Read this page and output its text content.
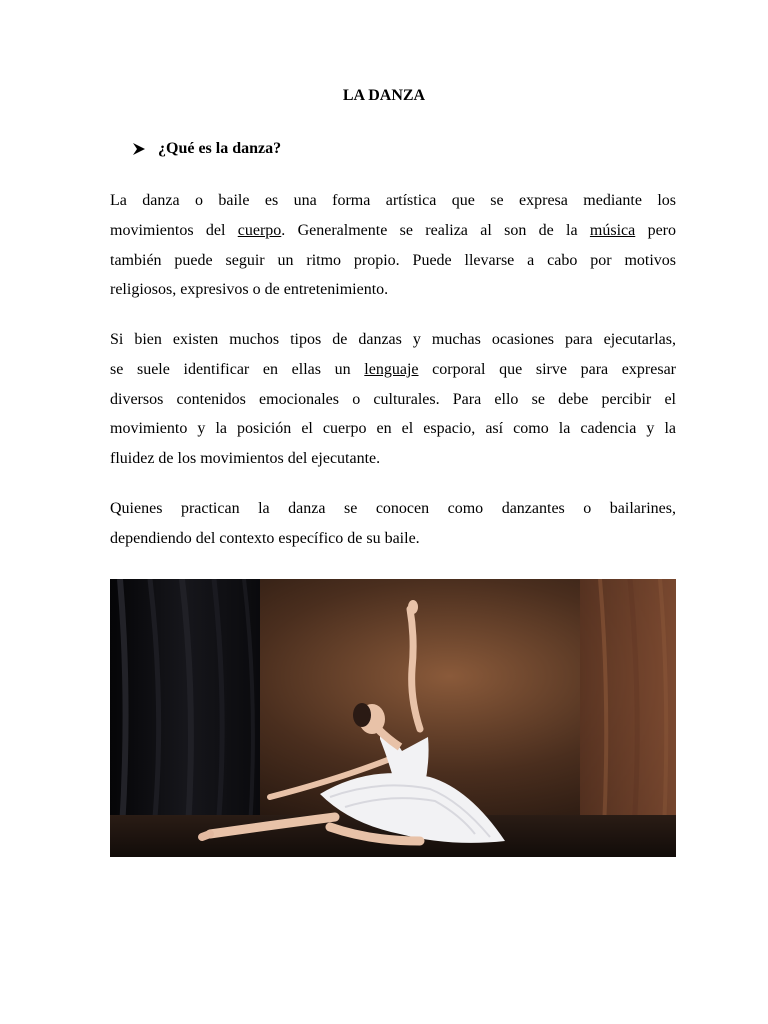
LA DANZA
¿Qué es la danza?
La danza o baile es una forma artística que se expresa mediante los
movimientos del cuerpo. Generalmente se realiza al son de la música pero
también puede seguir un ritmo propio. Puede llevarse a cabo por motivos
religiosos, expresivos o de entretenimiento.
Si bien existen muchos tipos de danzas y muchas ocasiones para ejecutarlas,
se suele identificar en ellas un lenguaje corporal que sirve para expresar
diversos contenidos emocionales o culturales. Para ello se debe percibir el
movimiento y la posición el cuerpo en el espacio, así como la cadencia y la
fluidez de los movimientos del ejecutante.
Quienes practican la danza se conocen como danzantes o bailarines,
dependiendo del contexto específico de su baile.
